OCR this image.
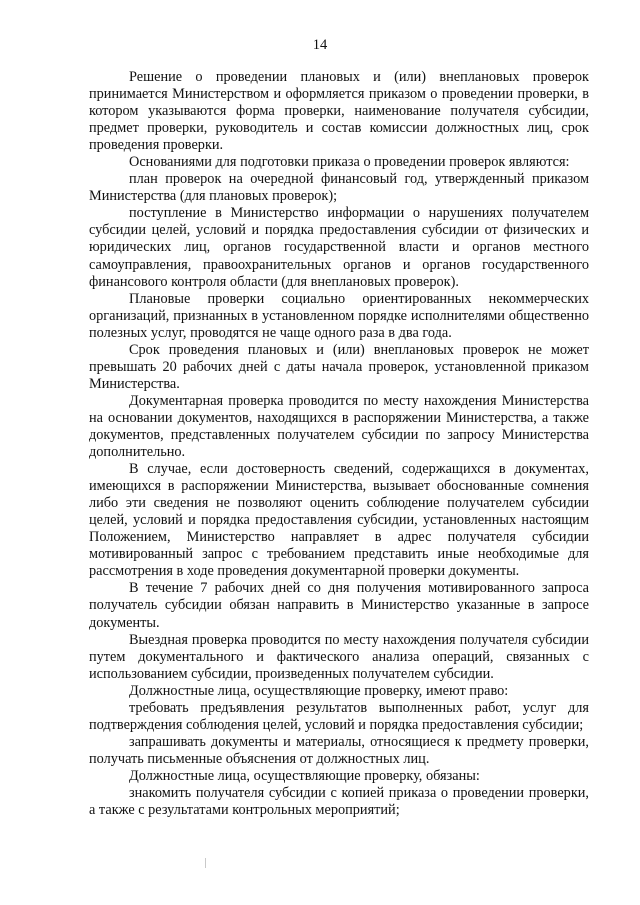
14

Решение о проведении плановых и (или) внеплановых проверок принимается Министерством и оформляется приказом о проведении проверки, в котором указываются форма проверки, наименование получателя субсидии, предмет проверки, руководитель и состав комиссии должностных лиц, срок проведения проверки.

Основаниями для подготовки приказа о проведении проверок являются:

план проверок на очередной финансовый год, утвержденный приказом Министерства (для плановых проверок);

поступление в Министерство информации о нарушениях получателем субсидии целей, условий и порядка предоставления субсидии от физических и юридических лиц, органов государственной власти и органов местного самоуправления, правоохранительных органов и органов государственного финансового контроля области (для внеплановых проверок).

Плановые проверки социально ориентированных некоммерческих организаций, признанных в установленном порядке исполнителями общественно полезных услуг, проводятся не чаще одного раза в два года.

Срок проведения плановых и (или) внеплановых проверок не может превышать 20 рабочих дней с даты начала проверок, установленной приказом Министерства.

Документарная проверка проводится по месту нахождения Министерства на основании документов, находящихся в распоряжении Министерства, а также документов, представленных получателем субсидии по запросу Министерства дополнительно.

В случае, если достоверность сведений, содержащихся в документах, имеющихся в распоряжении Министерства, вызывает обоснованные сомнения либо эти сведения не позволяют оценить соблюдение получателем субсидии целей, условий и порядка предоставления субсидии, установленных настоящим Положением, Министерство направляет в адрес получателя субсидии мотивированный запрос с требованием представить иные необходимые для рассмотрения в ходе проведения документарной проверки документы.

В течение 7 рабочих дней со дня получения мотивированного запроса получатель субсидии обязан направить в Министерство указанные в запросе документы.

Выездная проверка проводится по месту нахождения получателя субсидии путем документального и фактического анализа операций, связанных с использованием субсидии, произведенных получателем субсидии.

Должностные лица, осуществляющие проверку, имеют право:

требовать предъявления результатов выполненных работ, услуг для подтверждения соблюдения целей, условий и порядка предоставления субсидии;

запрашивать документы и материалы, относящиеся к предмету проверки, получать письменные объяснения от должностных лиц.

Должностные лица, осуществляющие проверку, обязаны:

знакомить получателя субсидии с копией приказа о проведении проверки, а также с результатами контрольных мероприятий;
